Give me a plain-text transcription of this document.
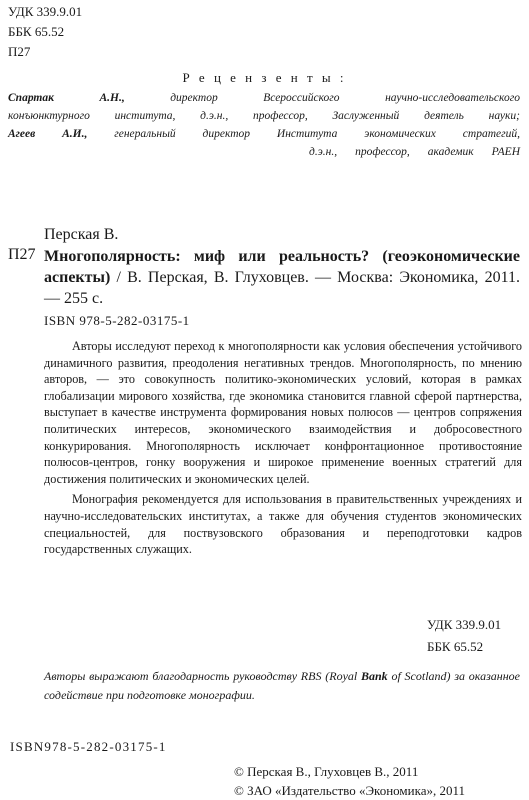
УДК 339.9.01
ББК 65.52
П27
Р е ц е н з е н т ы :
Спартак	А.Н.,	директор	Всероссийского	научно-исследовательского
конъюнктурного института, д.э.н., профессор, Заслуженный деятель науки;
Агеев А.И., генеральный директор Института экономических стратегий,
д.э.н., профессор, академик РАЕН
Перская В.
П27 Многополярность: миф или реальность? (геоэкономические аспекты) / В. Перская, В. Глуховцев. — Москва: Экономика, 2011. — 255 с.
ISBN 978-5-282-03175-1

Авторы исследуют переход к многополярности как условия обеспечения устойчивого динамичного развития, преодоления негативных трендов. Многополярность, по мнению авторов, — это совокупность политико-экономических условий, которая в рамках глобализации мирового хозяйства, где экономика становится главной сферой партнерства, выступает в качестве инструмента формирования новых полюсов — центров сопряжения политических интересов, экономического взаимодействия и добросовестного конкурирования. Многополярность исключает конфронтационное противостояние полюсов-центров, гонку вооружения и широкое применение военных стратегий для достижения политических и экономических целей.

Монография рекомендуется для использования в правительственных учреждениях и научно-исследовательских институтах, а также для обучения студентов экономических специальностей, для поствузовского образования и переподготовки кадров государственных служащих.

УДК 339.9.01
ББК 65.52
Авторы выражают благодарность руководству RBS (Royal Bank of Scotland) за оказанное содействие при подготовке монографии.
ISBN978-5-282-03175-1
© Перская В., Глуховцев В., 2011
© ЗАО «Издательство «Экономика», 2011
